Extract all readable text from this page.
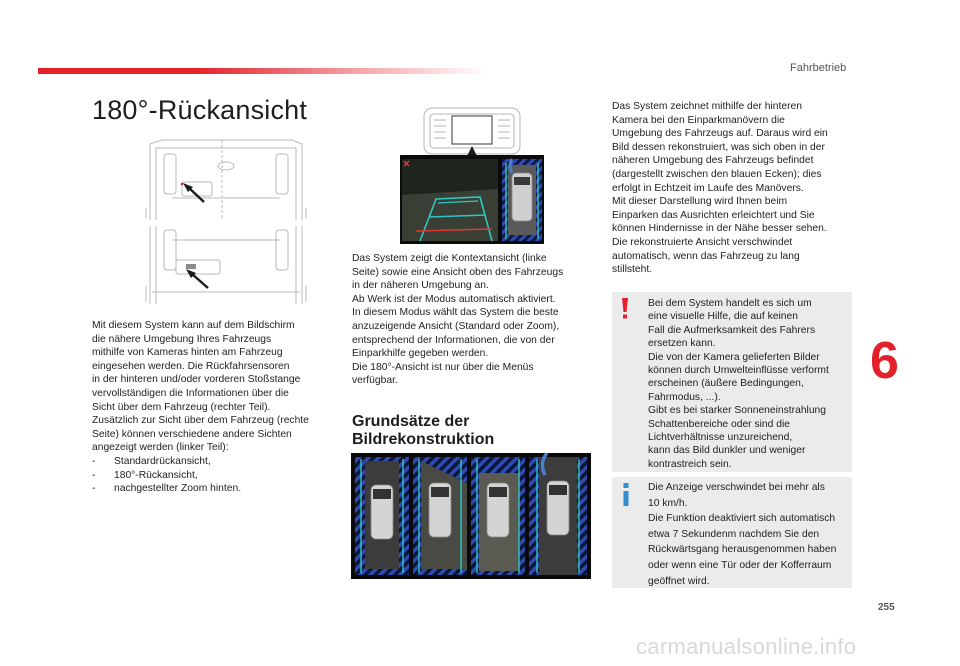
Fahrbetrieb
180°-Rückansicht

Mit diesem System kann auf dem Bildschirm
die nähere Umgebung Ihres Fahrzeugs
mithilfe von Kameras hinten am Fahrzeug
eingesehen werden. Die Rückfahrsensoren
in der hinteren und/oder vorderen Stoßstange
vervollständigen die Informationen über die
Sicht über dem Fahrzeug (rechter Teil).
Zusätzlich zur Sicht über dem Fahrzeug (rechte
Seite) können verschiedene andere Sichten
angezeigt werden (linker Teil):

- Standardrückansicht,
- 180°-Rückansicht,
- nachgestellter Zoom hinten.

Das System zeigt die Kontextansicht (linke
Seite) sowie eine Ansicht oben des Fahrzeugs
in der näheren Umgebung an.
Ab Werk ist der Modus automatisch aktiviert.
In diesem Modus wählt das System die beste
anzuzeigende Ansicht (Standard oder Zoom),
entsprechend der Informationen, die von der
Einparkhilfe gegeben werden.
Die 180°-Ansicht ist nur über die Menüs
verfügbar.

Grundsätze der
Bildrekonstruktion

Das System zeichnet mithilfe der hinteren
Kamera bei den Einparkmanövern die
Umgebung des Fahrzeugs auf. Daraus wird ein
Bild dessen rekonstruiert, was sich oben in der
näheren Umgebung des Fahrzeugs befindet
(dargestellt zwischen den blauen Ecken); dies
erfolgt in Echtzeit im Laufe des Manövers.
Mit dieser Darstellung wird Ihnen beim
Einparken das Ausrichten erleichtert und Sie
können Hindernisse in der Nähe besser sehen.
Die rekonstruierte Ansicht verschwindet
automatisch, wenn das Fahrzeug zu lang
stillsteht.

Bei dem System handelt es sich um
eine visuelle Hilfe, die auf keinen
Fall die Aufmerksamkeit des Fahrers
ersetzen kann.
Die von der Kamera gelieferten Bilder
können durch Umwelteinflüsse verformt
erscheinen (äußere Bedingungen,
Fahrmodus, ...).
Gibt es bei starker Sonneneinstrahlung
Schattenbereiche oder sind die
Lichtverhältnisse unzureichend,
kann das Bild dunkler und weniger
kontrastreich sein.
Die Anzeige verschwindet bei mehr als
10 km/h.
Die Funktion deaktiviert sich automatisch
etwa 7 Sekundenm nachdem Sie den
Rückwärtsgang herausgenommen haben
oder wenn eine Tür oder der Kofferraum
geöffnet wird.
6
255
carmanualsonline.info
